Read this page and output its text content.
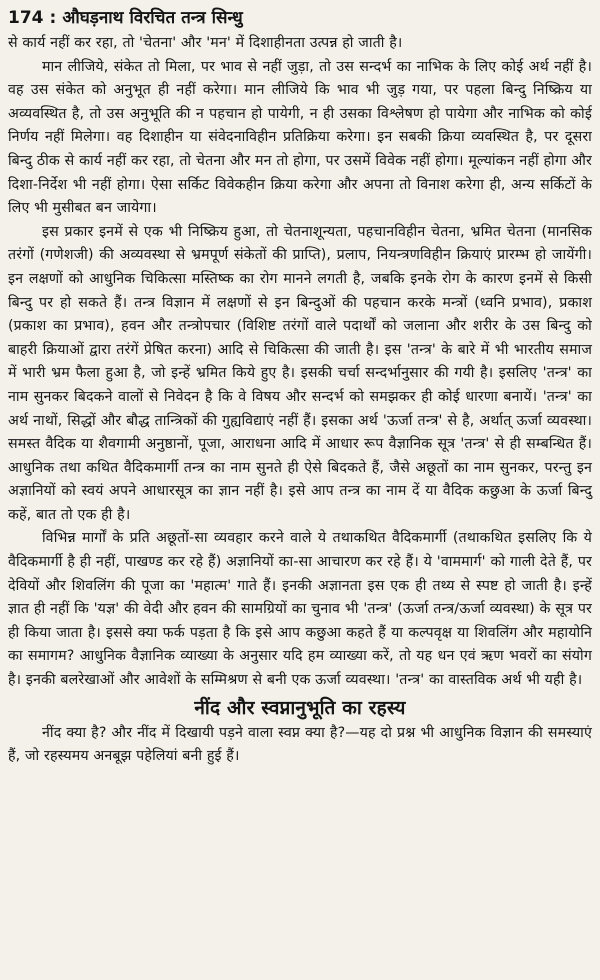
174 : औघड़नाथ विरचित तन्त्र सिन्धु

से कार्य नहीं कर रहा, तो 'चेतना' और 'मन' में दिशाहीनता उत्पन्न हो जाती है।

मान लीजिये, संकेत तो मिला, पर भाव से नहीं जुड़ा, तो उस सन्दर्भ का नाभिक के लिए कोई अर्थ नहीं है। वह उस संकेत को अनुभूत ही नहीं करेगा। मान लीजिये कि भाव भी जुड़ गया, पर पहला बिन्दु निष्क्रिय या अव्यवस्थित है, तो उस अनुभूति की न पहचान हो पायेगी, न ही उसका विश्लेषण हो पायेगा और नाभिक को कोई निर्णय नहीं मिलेगा। वह दिशाहीन या संवेदनाविहीन प्रतिक्रिया करेगा। इन सबकी क्रिया व्यवस्थित है, पर दूसरा बिन्दु ठीक से कार्य नहीं कर रहा, तो चेतना और मन तो होगा, पर उसमें विवेक नहीं होगा। मूल्यांकन नहीं होगा और दिशा-निर्देश भी नहीं होगा। ऐसा सर्किट विवेकहीन क्रिया करेगा और अपना तो विनाश करेगा ही, अन्य सर्किटों के लिए भी मुसीबत बन जायेगा।

इस प्रकार इनमें से एक भी निष्क्रिय हुआ, तो चेतनाशून्यता, पहचानविहीन चेतना, भ्रमित चेतना (मानसिक तरंगों (गणेशजी) की अव्यवस्था से भ्रमपूर्ण संकेतों की प्राप्ति), प्रलाप, नियन्त्रणविहीन क्रियाएं प्रारम्भ हो जायेंगी। इन लक्षणों को आधुनिक चिकित्सा मस्तिष्क का रोग मानने लगती है, जबकि इनके रोग के कारण इनमें से किसी बिन्दु पर हो सकते हैं। तन्त्र विज्ञान में लक्षणों से इन बिन्दुओं की पहचान करके मन्त्रों (ध्वनि प्रभाव), प्रकाश (प्रकाश का प्रभाव), हवन और तन्त्रोपचार (विशिष्ट तरंगों वाले पदार्थों को जलाना और शरीर के उस बिन्दु को बाहरी क्रियाओं द्वारा तरंगें प्रेषित करना) आदि से चिकित्सा की जाती है। इस 'तन्त्र' के बारे में भी भारतीय समाज में भारी भ्रम फैला हुआ है, जो इन्हें भ्रमित किये हुए है। इसकी चर्चा सन्दर्भानुसार की गयी है। इसलिए 'तन्त्र' का नाम सुनकर बिदकने वालों से निवेदन है कि वे विषय और सन्दर्भ को समझकर ही कोई धारणा बनायें। 'तन्त्र' का अर्थ नाथों, सिद्धों और बौद्ध तान्त्रिकों की गुह्यविद्याएं नहीं हैं। इसका अर्थ 'ऊर्जा तन्त्र' से है, अर्थात् ऊर्जा व्यवस्था। समस्त वैदिक या शैवगामी अनुष्ठानों, पूजा, आराधना आदि में आधार रूप वैज्ञानिक सूत्र 'तन्त्र' से ही सम्बन्धित हैं। आधुनिक तथा कथित वैदिकमार्गी तन्त्र का नाम सुनते ही ऐसे बिदकते हैं, जैसे अछूतों का नाम सुनकर, परन्तु इन अज्ञानियों को स्वयं अपने आधारसूत्र का ज्ञान नहीं है। इसे आप तन्त्र का नाम दें या वैदिक कछुआ के ऊर्जा बिन्दु कहें, बात तो एक ही है।

विभिन्न मार्गों के प्रति अछूतों-सा व्यवहार करने वाले ये तथाकथित वैदिकमार्गी (तथाकथित इसलिए कि ये वैदिकमार्गी है ही नहीं, पाखण्ड कर रहे हैं) अज्ञानियों का-सा आचारण कर रहे हैं। ये 'वाममार्ग' को गाली देते हैं, पर देवियों और शिवलिंग की पूजा का 'महात्म' गाते हैं। इनकी अज्ञानता इस एक ही तथ्य से स्पष्ट हो जाती है। इन्हें ज्ञात ही नहीं कि 'यज्ञ' की वेदी और हवन की सामग्रियों का चुनाव भी 'तन्त्र' (ऊर्जा तन्त्र/ऊर्जा व्यवस्था) के सूत्र पर ही किया जाता है। इससे क्या फर्क पड़ता है कि इसे आप कछुआ कहते हैं या कल्पवृक्ष या शिवलिंग और महायोनि का समागम? आधुनिक वैज्ञानिक व्याख्या के अनुसार यदि हम व्याख्या करें, तो यह धन एवं ऋण भवरों का संयोग है। इनकी बलरेखाओं और आवेशों के सम्मिश्रण से बनी एक ऊर्जा व्यवस्था। 'तन्त्र' का वास्तविक अर्थ भी यही है।

नींद और स्वप्नानुभूति का रहस्य

नींद क्या है? और नींद में दिखायी पड़ने वाला स्वप्न क्या है?—यह दो प्रश्न भी आधुनिक विज्ञान की समस्याएं हैं, जो रहस्यमय अनबूझ पहेलियां बनी हुई हैं।
